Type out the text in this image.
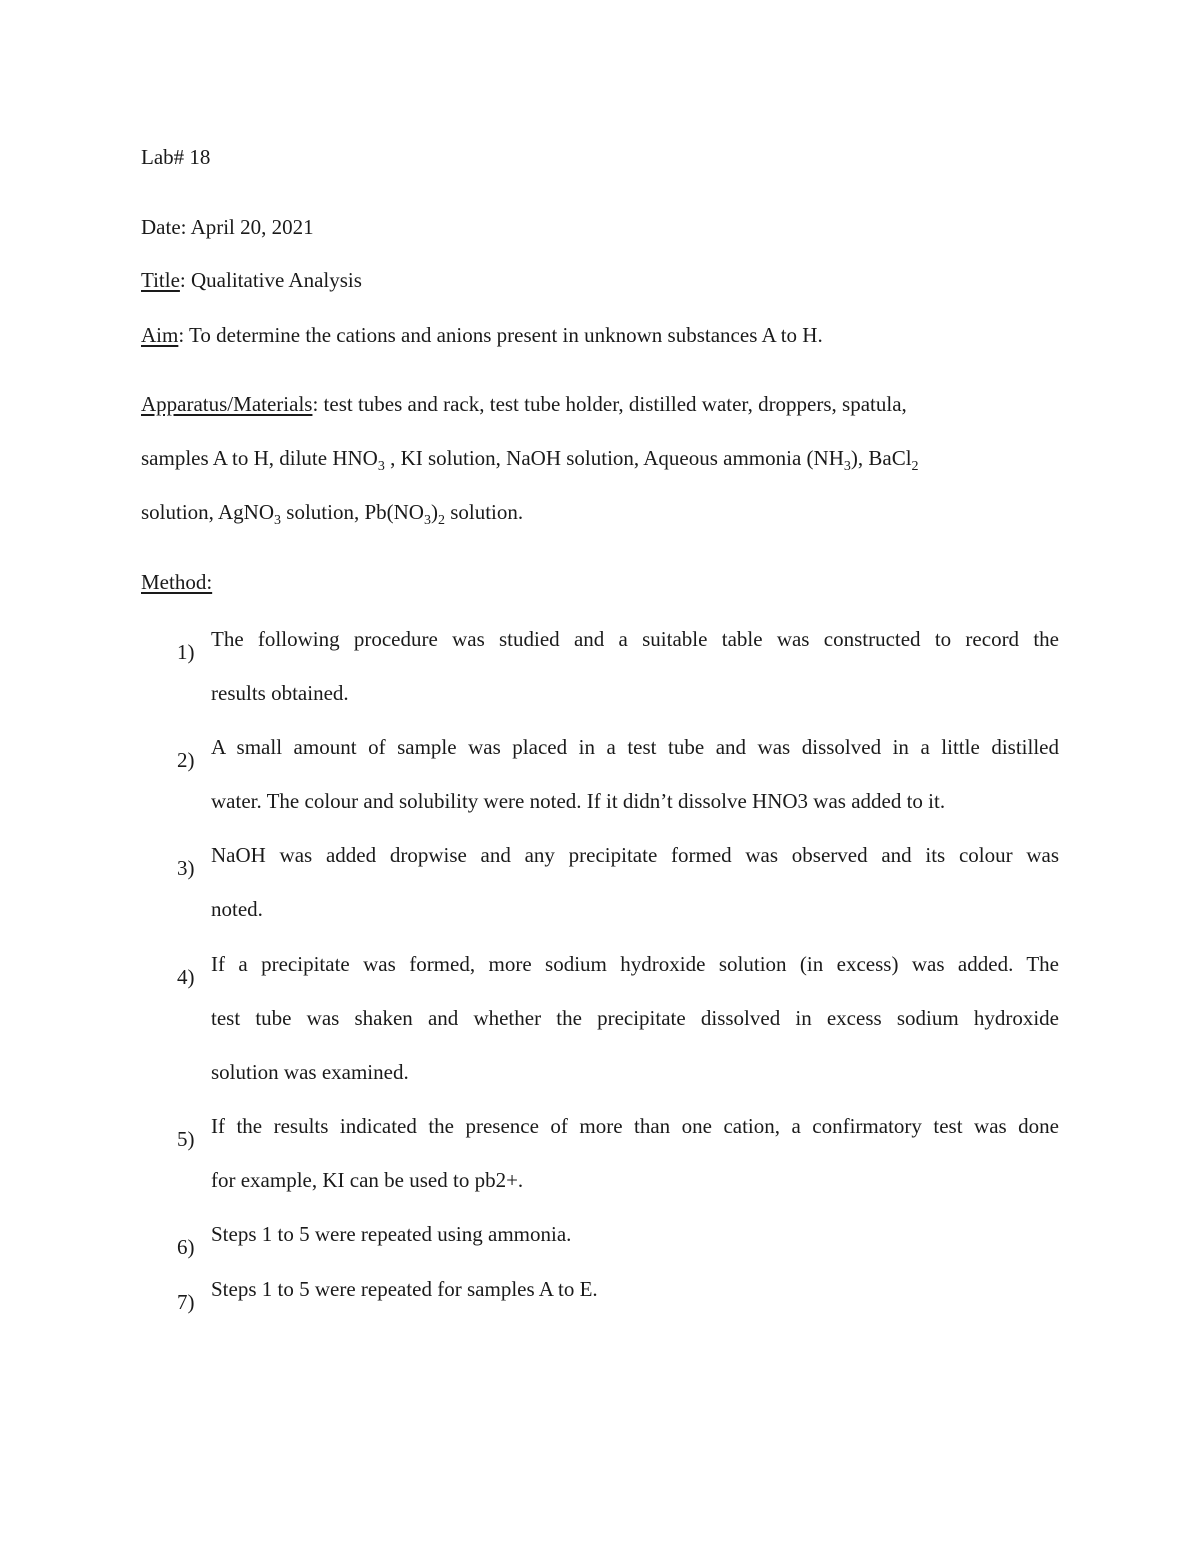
Lab# 18
Date: April 20, 2021
Title: Qualitative Analysis
Aim: To determine the cations and anions present in unknown substances A to H.
Apparatus/Materials: test tubes and rack, test tube holder, distilled water, droppers, spatula,
samples A to H, dilute $HNO_3$ , KI solution, NaOH solution, Aqueous ammonia $(NH_3)$, BaCl$_2$
solution, AgNO$_3$ solution, $Pb(NO_3)_2$ solution.
Method:
1)
The following procedure was studied and a suitable table was constructed to record the
results obtained.
2)
A small amount of sample was placed in a test tube and was dissolved in a little distilled
water. The colour and solubility were noted. If it didn’t dissolve HNO3 was added to it.
3)
NaOH was added dropwise and any precipitate formed was observed and its colour was
noted.
4)
If a precipitate was formed, more sodium hydroxide solution (in excess) was added. The
test tube was shaken and whether the precipitate dissolved in excess sodium hydroxide
solution was examined.
5)
If the results indicated the presence of more than one cation, a confirmatory test was done
for example, KI can be used to pb2+.
6)
Steps 1 to 5 were repeated using ammonia.
7)
Steps 1 to 5 were repeated for samples A to E.
